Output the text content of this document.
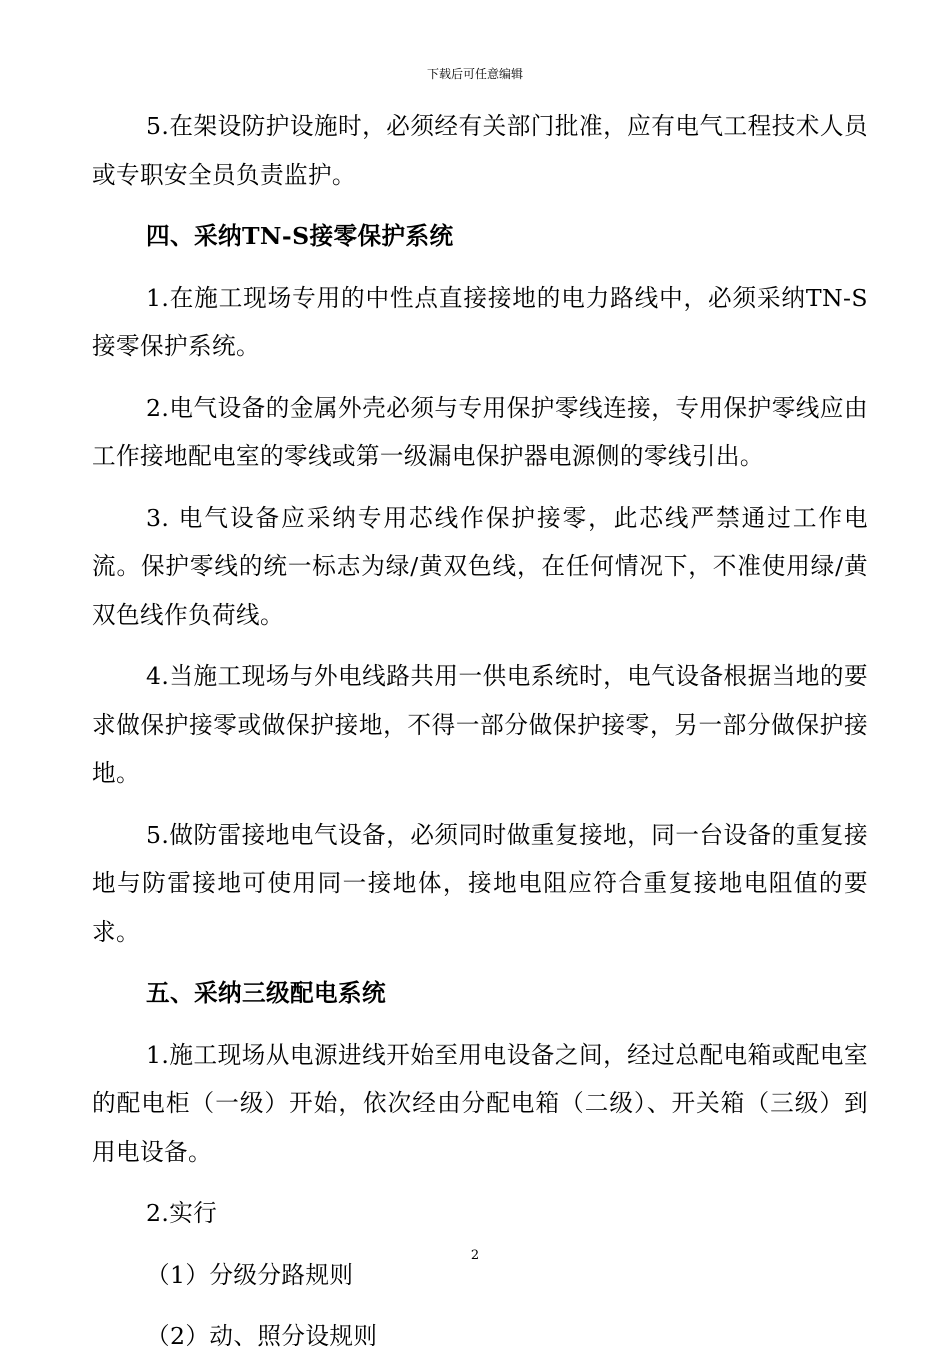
下载后可任意编辑
5.在架设防护设施时，必须经有关部门批准，应有电气工程技术人员或专职安全员负责监护。
四、采纳TN-S接零保护系统
1.在施工现场专用的中性点直接接地的电力路线中，必须采纳TN-S接零保护系统。
2.电气设备的金属外壳必须与专用保护零线连接，专用保护零线应由工作接地配电室的零线或第一级漏电保护器电源侧的零线引出。
3. 电气设备应采纳专用芯线作保护接零，此芯线严禁通过工作电流。保护零线的统一标志为绿/黄双色线，在任何情况下，不准使用绿/黄双色线作负荷线。
4.当施工现场与外电线路共用一供电系统时，电气设备根据当地的要求做保护接零或做保护接地，不得一部分做保护接零，另一部分做保护接地。
5.做防雷接地电气设备，必须同时做重复接地，同一台设备的重复接地与防雷接地可使用同一接地体，接地电阻应符合重复接地电阻值的要求。
五、采纳三级配电系统
1.施工现场从电源进线开始至用电设备之间，经过总配电箱或配电室的配电柜（一级）开始，依次经由分配电箱（二级）、开关箱（三级）到用电设备。
2.实行
（1）分级分路规则
（2）动、照分设规则
2
